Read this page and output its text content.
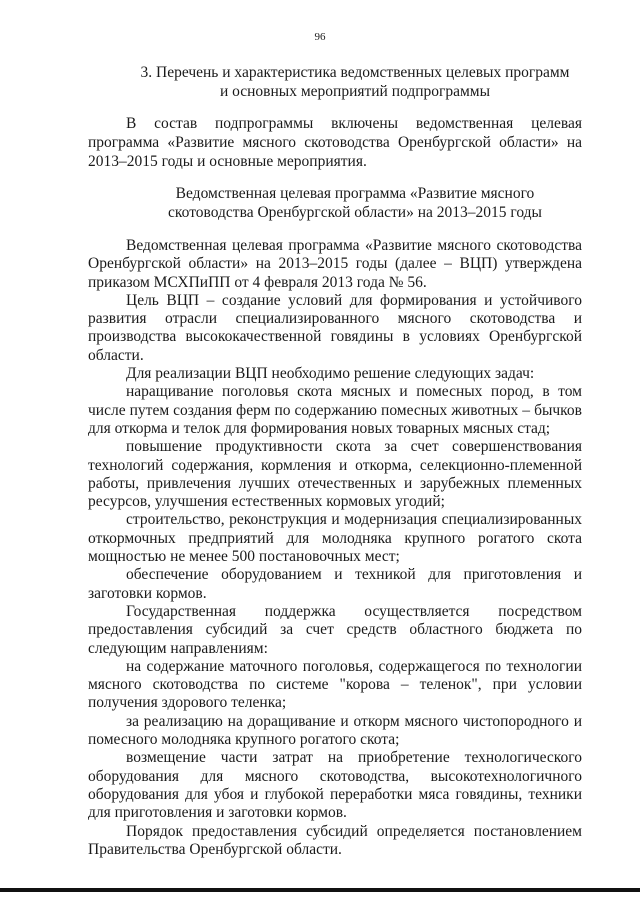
96
3. Перечень и характеристика ведомственных целевых программ
и основных мероприятий подпрограммы

В состав подпрограммы включены ведомственная целевая программа «Развитие мясного скотоводства Оренбургской области» на 2013–2015 годы и основные мероприятия.

Ведомственная целевая программа «Развитие мясного
скотоводства Оренбургской области» на 2013–2015 годы

Ведомственная целевая программа «Развитие мясного скотоводства Оренбургской области» на 2013–2015 годы (далее – ВЦП) утверждена приказом МСХПиПП от 4 февраля 2013 года № 56.

Цель ВЦП – создание условий для формирования и устойчивого развития отрасли специализированного мясного скотоводства и производства высококачественной говядины в условиях Оренбургской области.

Для реализации ВЦП необходимо решение следующих задач:

наращивание поголовья скота мясных и помесных пород, в том числе путем создания ферм по содержанию помесных животных – бычков для откорма и телок для формирования новых товарных мясных стад;

повышение продуктивности скота за счет совершенствования технологий содержания, кормления и откорма, селекционно-племенной работы, привлечения лучших отечественных и зарубежных племенных ресурсов, улучшения естественных кормовых угодий;

строительство, реконструкция и модернизация специализированных откормочных предприятий для молодняка крупного рогатого скота мощностью не менее 500 постановочных мест;

обеспечение оборудованием и техникой для приготовления и заготовки кормов.

Государственная поддержка осуществляется посредством предоставления субсидий за счет средств областного бюджета по следующим направлениям:

на содержание маточного поголовья, содержащегося по технологии мясного скотоводства по системе "корова – теленок", при условии получения здорового теленка;

за реализацию на доращивание и откорм мясного чистопородного и помесного молодняка крупного рогатого скота;

возмещение части затрат на приобретение технологического оборудования для мясного скотоводства, высокотехнологичного оборудования для убоя и глубокой переработки мяса говядины, техники для приготовления и заготовки кормов.

Порядок предоставления субсидий определяется постановлением Правительства Оренбургской области.
